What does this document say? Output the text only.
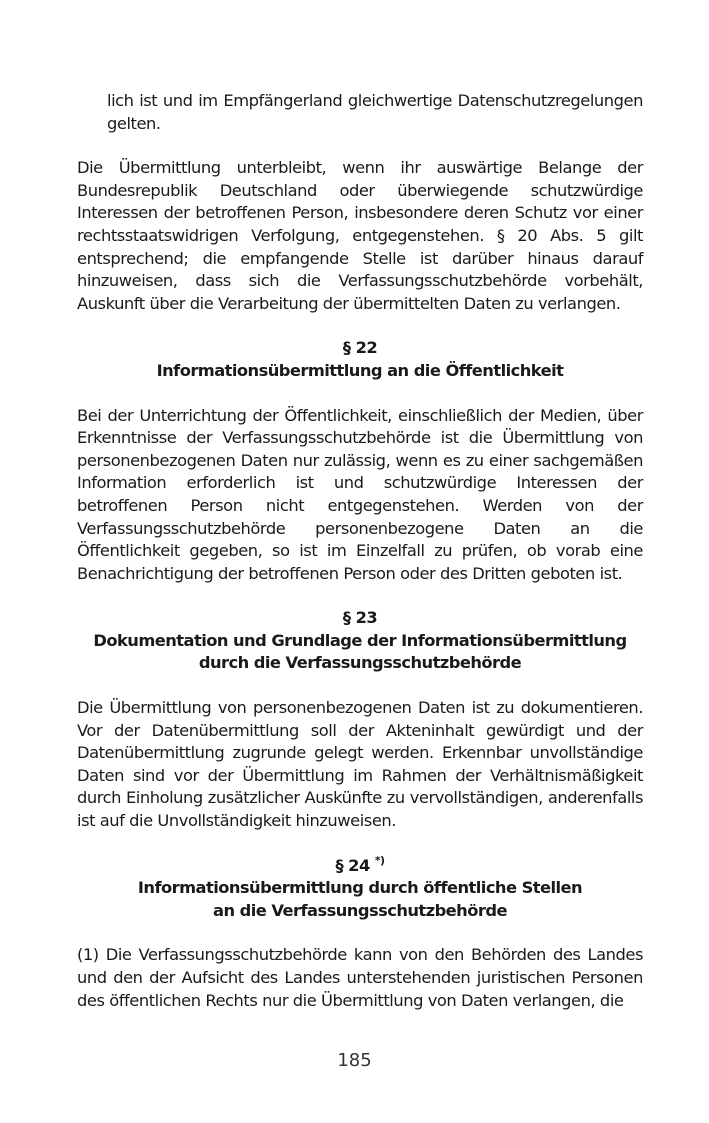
lich ist und im Empfängerland gleichwertige Datenschutzregelungen gelten.

Die Übermittlung unterbleibt, wenn ihr auswärtige Belange der Bundesrepublik Deutschland oder überwiegende schutzwürdige Interessen der betroffenen Person, insbesondere deren Schutz vor einer rechtsstaatswidrigen Verfolgung, entgegenstehen. § 20 Abs. 5 gilt entsprechend; die empfangende Stelle ist darüber hinaus darauf hinzuweisen, dass sich die Verfassungsschutzbehörde vorbehält, Auskunft über die Verarbeitung der übermittelten Daten zu verlangen.

§ 22
Informationsübermittlung an die Öffentlichkeit

Bei der Unterrichtung der Öffentlichkeit, einschließlich der Medien, über Erkenntnisse der Verfassungsschutzbehörde ist die Übermittlung von personenbezogenen Daten nur zulässig, wenn es zu einer sachgemäßen Information erforderlich ist und schutzwürdige Interessen der betroffenen Person nicht entgegenstehen. Werden von der Verfassungsschutzbehörde personenbezogene Daten an die Öffentlichkeit gegeben, so ist im Einzelfall zu prüfen, ob vorab eine Benachrichtigung der betroffenen Person oder des Dritten geboten ist.

§ 23
Dokumentation und Grundlage der Informationsübermittlung
durch die Verfassungsschutzbehörde

Die Übermittlung von personenbezogenen Daten ist zu dokumentieren. Vor der Datenübermittlung soll der Akteninhalt gewürdigt und der Datenübermittlung zugrunde gelegt werden. Erkennbar unvollständige Daten sind vor der Übermittlung im Rahmen der Verhältnismäßigkeit durch Einholung zusätzlicher Auskünfte zu vervollständigen, anderenfalls ist auf die Unvollständigkeit hinzuweisen.

§ 24 *)
Informationsübermittlung durch öffentliche Stellen
an die Verfassungsschutzbehörde

(1) Die Verfassungsschutzbehörde kann von den Behörden des Landes und den der Aufsicht des Landes unterstehenden juristischen Personen des öffentlichen Rechts nur die Übermittlung von Daten verlangen, die

185
